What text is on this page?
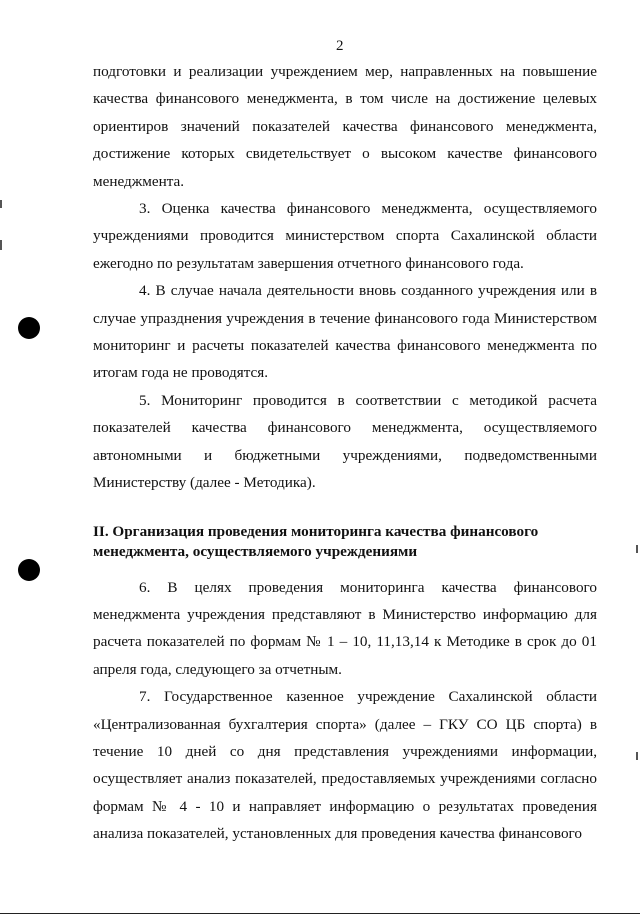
2

подготовки и реализации учреждением мер, направленных на повышение качества финансового менеджмента, в том числе на достижение целевых ориентиров значений показателей качества финансового менеджмента, достижение которых свидетельствует о высоком качестве финансового менеджмента.

3. Оценка качества финансового менеджмента, осуществляемого учреждениями проводится министерством спорта Сахалинской области ежегодно по результатам завершения отчетного финансового года.

4. В случае начала деятельности вновь созданного учреждения или в случае упразднения учреждения в течение финансового года Министерством мониторинг и расчеты показателей качества финансового менеджмента по итогам года не проводятся.

5. Мониторинг проводится в соответствии с методикой расчета показателей качества финансового менеджмента, осуществляемого автономными и бюджетными учреждениями, подведомственными Министерству (далее - Методика).

II. Организация проведения мониторинга качества финансового
менеджмента, осуществляемого учреждениями

6. В целях проведения мониторинга качества финансового менеджмента учреждения представляют в Министерство информацию для расчета показателей по формам № 1 – 10, 11,13,14 к Методике в срок до 01 апреля года, следующего за отчетным.

7. Государственное казенное учреждение Сахалинской области «Централизованная бухгалтерия спорта» (далее – ГКУ СО ЦБ спорта) в течение 10 дней со дня представления учреждениями информации, осуществляет анализ показателей, предоставляемых учреждениями согласно формам № 4 - 10 и направляет информацию о результатах проведения анализа показателей, установленных для проведения качества финансового
